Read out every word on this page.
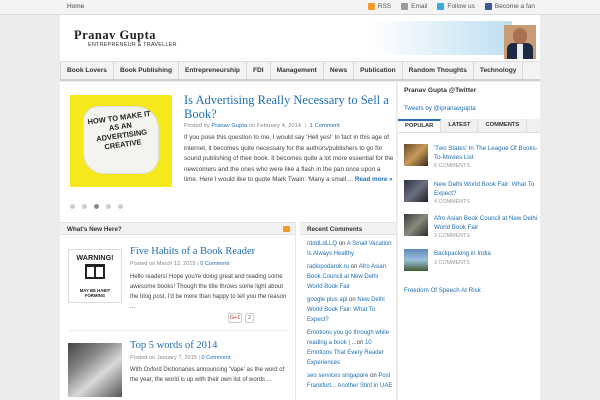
Home	RSS	Email	Follow us	Become a fan
Pranav Gupta
ENTREPRENEUR & TRAVELLER
Book Lovers	Book Publishing	Entrepreneurship	FDI	Management	News	Publication	Random Thoughts	Technology
HOW TO MAKE IT AS AN ADVERTISING CREATIVE
Is Advertising Really Necessary to Sell a Book?
Posted by Pranav Gupta on February 4, 2014 | 1 Comment
If you pose this question to me, I would say 'Hell yes!' In fact in this age of internet, it becomes quite necessary for the authors/publishers to go for sound publishing of their book. It becomes quite a lot more essential for the newcomers and the ones who were like a flash in the pan once upon a time. Here I would like to quote Mark Twain: 'Many a small ... Read more »
What's New Here?
WARNING!
MAY BE HABIT FORMING
Five Habits of a Book Reader
Posted on March 12, 2015 | 0 Comment
Hello readers! Hope you're doing great and reading some awesome books! Though the title throws some light about the blog post, I'd be more than happy to tell you the reason ...
G+1	2
Top 5 words of 2014
Posted on January 7, 2015 | 0 Comment
With Oxford Dictionaries announcing 'Vape' as the word of the year, the world is up with their own list of words ...
Recent Comments
rdddLdLLQ on A Small Vacation Is Always Healthy
radiopodarok.ru on Afro Asian Book Council at New Delhi World Book Fair
google plus api on New Delhi World Book Fair: What To Expect?
Emotions you go through while reading a book | ...on 10 Emotions That Every Reader Experiences
seo services singapore on Post Frankfurt... Another Stint in UAE
Pranav Gupta @Twitter
Tweets by @ipranavgupta
POPULAR	LATEST	COMMENTS
'Two States' In The League Of Books-To-Movies List
6 COMMENTS
New Delhi World Book Fair: What To Expect?
4 COMMENTS
Afro Asian Book Council at New Delhi World Book Fair
3 COMMENTS
Backpacking in India
3 COMMENTS
Freedom Of Speech At Risk
